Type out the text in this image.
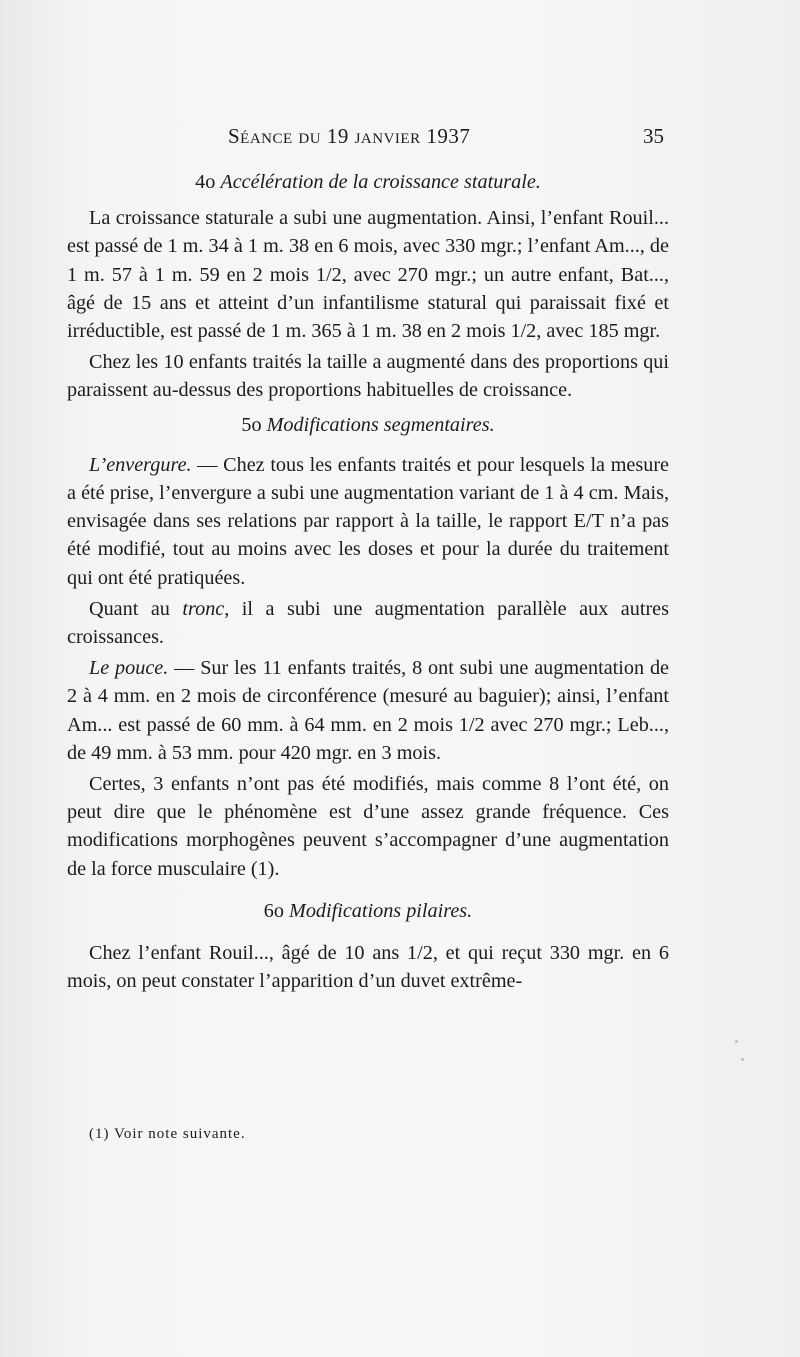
Séance du 19 janvier 1937	35
4o Accélération de la croissance staturale.

La croissance staturale a subi une augmentation. Ainsi, l’enfant Rouil... est passé de 1 m. 34 à 1 m. 38 en 6 mois, avec 330 mgr.; l’enfant Am..., de 1 m. 57 à 1 m. 59 en 2 mois 1/2, avec 270 mgr.; un autre enfant, Bat..., âgé de 15 ans et atteint d’un infantilisme statural qui paraissait fixé et irréductible, est passé de 1 m. 365 à 1 m. 38 en 2 mois 1/2, avec 185 mgr.

Chez les 10 enfants traités la taille a augmenté dans des proportions qui paraissent au-dessus des proportions habituelles de croissance.

5o Modifications segmentaires.

L’envergure. — Chez tous les enfants traités et pour lesquels la mesure a été prise, l’envergure a subi une augmentation variant de 1 à 4 cm. Mais, envisagée dans ses relations par rapport à la taille, le rapport E/T n’a pas été modifié, tout au moins avec les doses et pour la durée du traitement qui ont été pratiquées.

Quant au tronc, il a subi une augmentation parallèle aux autres croissances.

Le pouce. — Sur les 11 enfants traités, 8 ont subi une augmentation de 2 à 4 mm. en 2 mois de circonférence (mesuré au baguier); ainsi, l’enfant Am... est passé de 60 mm. à 64 mm. en 2 mois 1/2 avec 270 mgr.; Leb..., de 49 mm. à 53 mm. pour 420 mgr. en 3 mois.

Certes, 3 enfants n’ont pas été modifiés, mais comme 8 l’ont été, on peut dire que le phénomène est d’une assez grande fréquence. Ces modifications morphogènes peuvent s’accompagner d’une augmentation de la force musculaire (1).

6o Modifications pilaires.

Chez l’enfant Rouil..., âgé de 10 ans 1/2, et qui reçut 330 mgr. en 6 mois, on peut constater l’apparition d’un duvet extrême-

(1) Voir note suivante.
